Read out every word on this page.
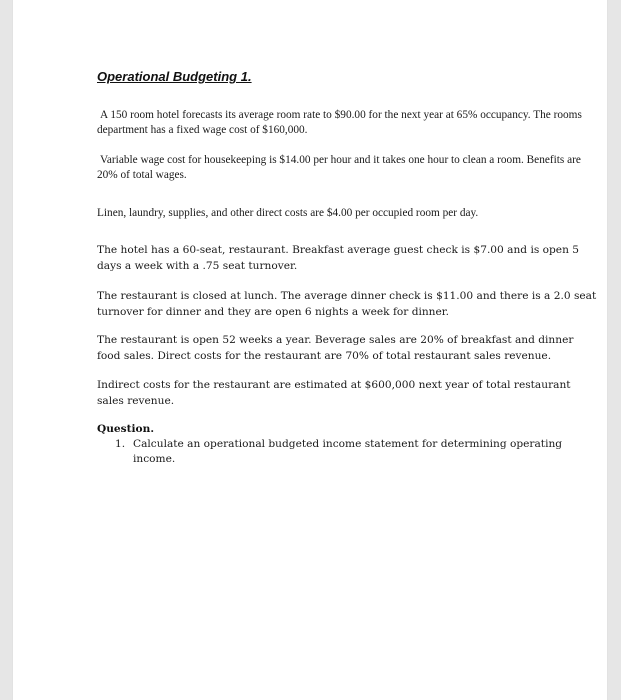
Operational Budgeting 1.

A 150 room hotel forecasts its average room rate to $90.00 for the next year at 65% occupancy. The rooms department has a fixed wage cost of $160,000.

Variable wage cost for housekeeping is $14.00 per hour and it takes one hour to clean a room. Benefits are 20% of total wages.

Linen, laundry, supplies, and other direct costs are $4.00 per occupied room per day.

The hotel has a 60-seat, restaurant. Breakfast average guest check is $7.00 and is open 5 days a week with a .75 seat turnover.

The restaurant is closed at lunch. The average dinner check is $11.00 and there is a 2.0 seat turnover for dinner and they are open 6 nights a week for dinner.

The restaurant is open 52 weeks a year. Beverage sales are 20% of breakfast and dinner food sales. Direct costs for the restaurant are 70% of total restaurant sales revenue.

Indirect costs for the restaurant are estimated at $600,000 next year of total restaurant sales revenue.

Question.

1. Calculate an operational budgeted income statement for determining operating income.
